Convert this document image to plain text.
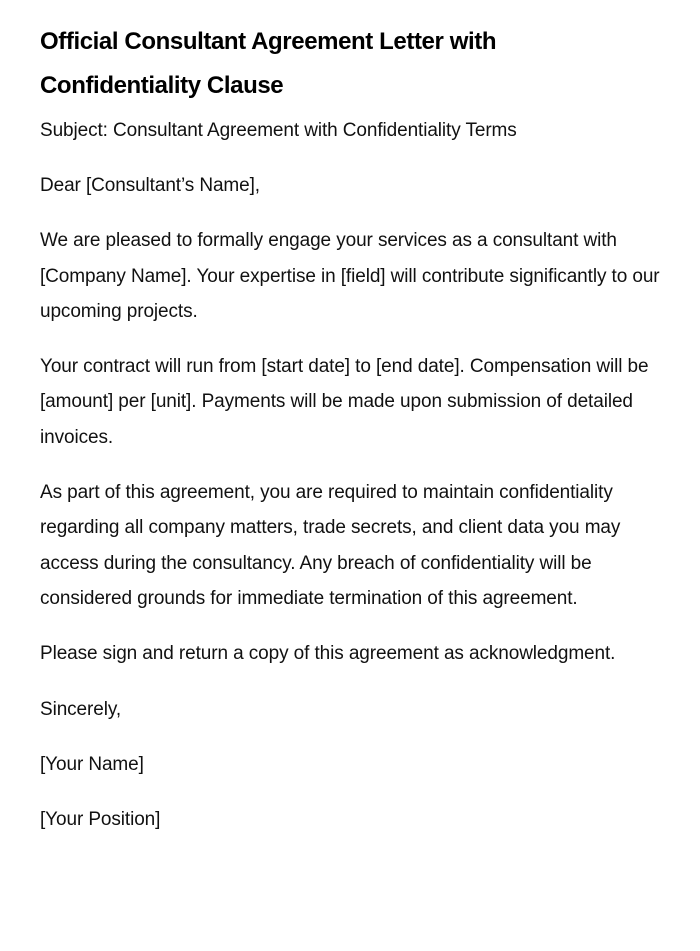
Official Consultant Agreement Letter with Confidentiality Clause

Subject: Consultant Agreement with Confidentiality Terms

Dear [Consultant’s Name],

We are pleased to formally engage your services as a consultant with [Company Name]. Your expertise in [field] will contribute significantly to our upcoming projects.

Your contract will run from [start date] to [end date]. Compensation will be [amount] per [unit]. Payments will be made upon submission of detailed invoices.

As part of this agreement, you are required to maintain confidentiality regarding all company matters, trade secrets, and client data you may access during the consultancy. Any breach of confidentiality will be considered grounds for immediate termination of this agreement.

Please sign and return a copy of this agreement as acknowledgment.

Sincerely,

[Your Name]

[Your Position]
